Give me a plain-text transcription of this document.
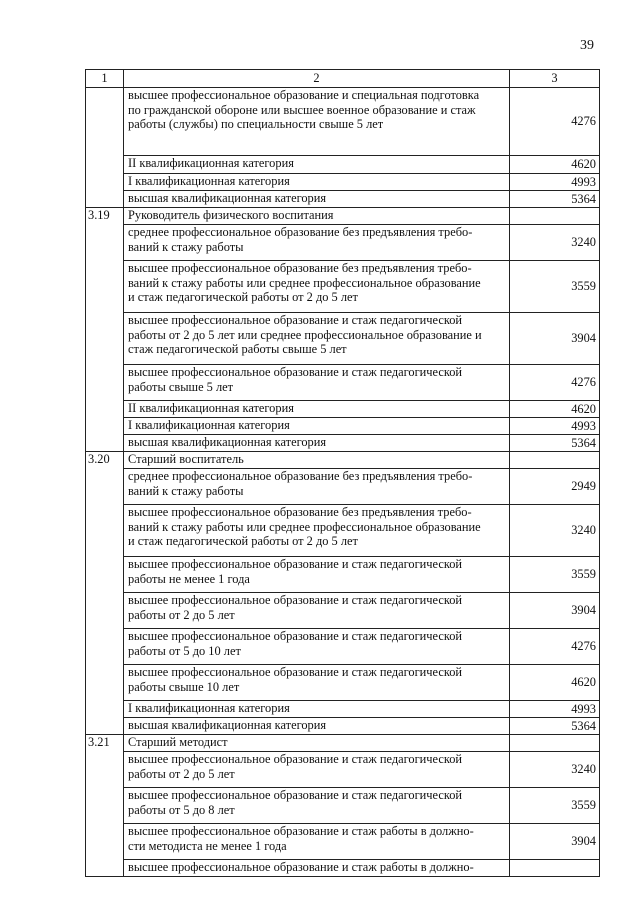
39
1	2	3

	высшее профессиональное образование и специальная подготовка
по гражданской обороне или высшее военное образование и стаж
работы (службы) по специальности свыше 5 лет	4276

	II квалификационная категория	4620

	I квалификационная категория	4993

	высшая квалификационная категория	5364
3.19	Руководитель физического воспитания	

	среднее профессиональное образование без предъявления требо-
ваний к стажу работы	3240

	высшее профессиональное образование без предъявления требо-
ваний к стажу работы или среднее профессиональное образование
и стаж педагогической работы от 2 до 5 лет	3559

	высшее профессиональное образование и стаж педагогической
работы от 2 до 5 лет или среднее профессиональное образование и
стаж педагогической работы свыше 5 лет	3904

	высшее профессиональное образование и стаж педагогической
работы свыше 5 лет	4276

	II квалификационная категория	4620

	I квалификационная категория	4993

	высшая квалификационная категория	5364
3.20	Старший воспитатель	

	среднее профессиональное образование без предъявления требо-
ваний к стажу работы	2949

	высшее профессиональное образование без предъявления требо-
ваний к стажу работы или среднее профессиональное образование
и стаж педагогической работы от 2 до 5 лет	3240

	высшее профессиональное образование и стаж педагогической
работы не менее 1 года	3559

	высшее профессиональное образование и стаж педагогической
работы от 2 до 5 лет	3904

	высшее профессиональное образование и стаж педагогической
работы от 5 до 10 лет	4276

	высшее профессиональное образование и стаж педагогической
работы свыше 10 лет	4620

	I квалификационная категория	4993

	высшая квалификационная категория	5364
3.21	Старший методист	

	высшее профессиональное образование и стаж педагогической
работы от 2 до 5 лет	3240

	высшее профессиональное образование и стаж педагогической
работы от 5 до 8 лет	3559

	высшее профессиональное образование и стаж работы в должно-
сти методиста не менее 1 года	3904

	высшее профессиональное образование и стаж работы в должно-	
